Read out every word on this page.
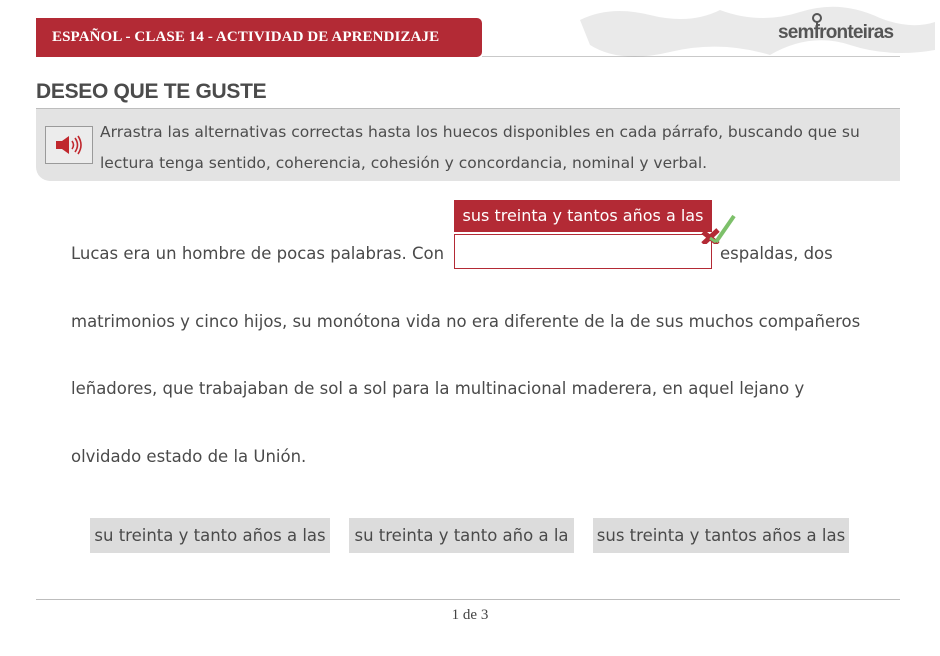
ESPAÑOL - CLASE 14 - ACTIVIDAD DE APRENDIZAJE	semfronteiras
DESEO QUE TE GUSTE
Arrastra las alternativas correctas hasta los huecos disponibles en cada párrafo, buscando que su lectura tenga sentido, coherencia, cohesión y concordancia, nominal y verbal.
Lucas era un hombre de pocas palabras. Con	espaldas, dos
matrimonios y cinco hijos, su monótona vida no era diferente de la de sus muchos compañeros
leñadores, que trabajaban de sol a sol para la multinacional maderera, en aquel lejano y
olvidado estado de la Unión.
sus treinta y tantos años a las
su treinta y tanto años a las	su treinta y tanto año a la	sus treinta y tantos años a las
1 de 3
